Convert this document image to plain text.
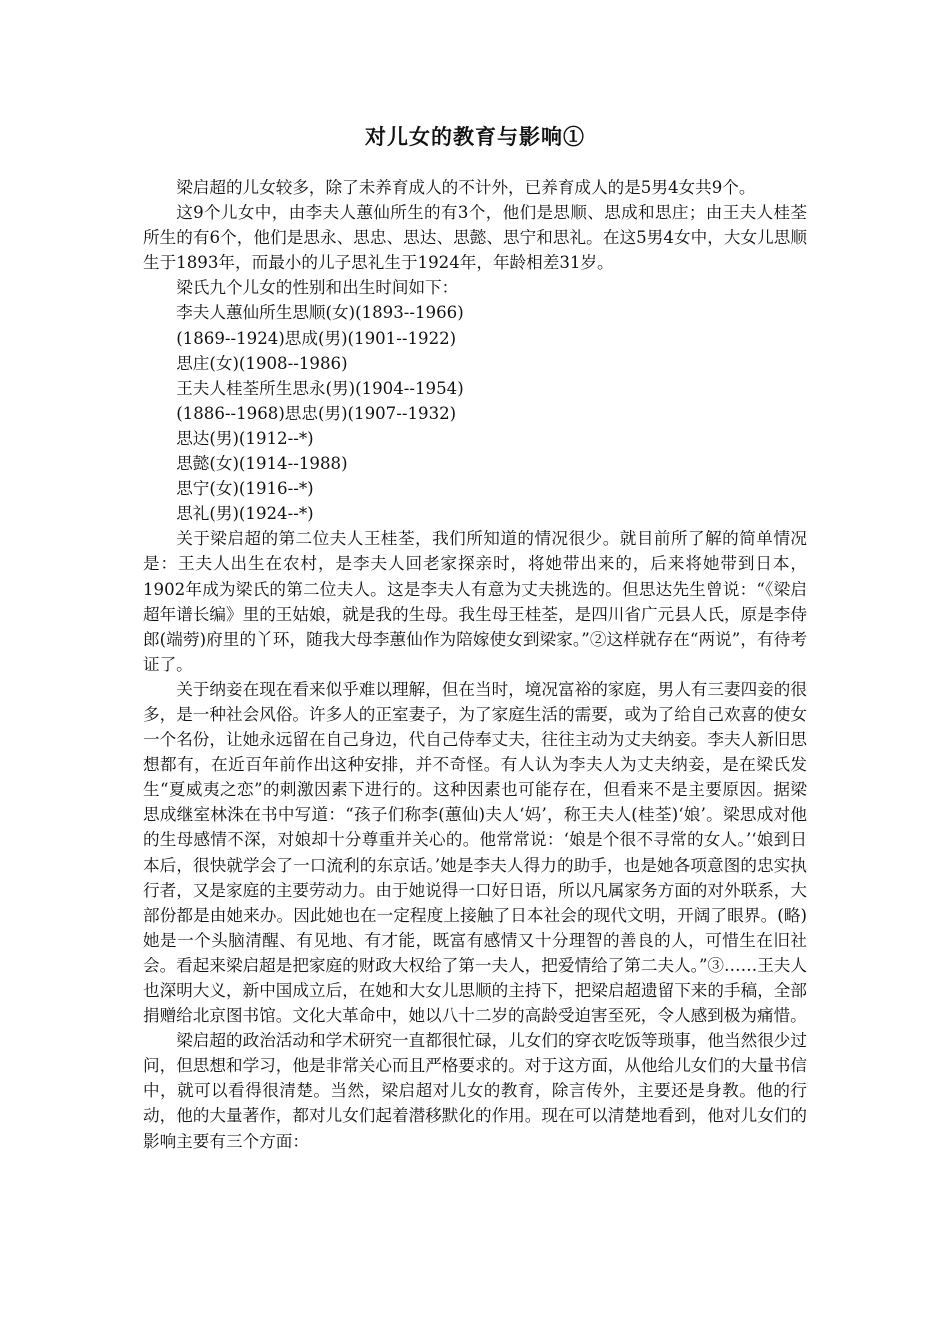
对儿女的教育与影响①

梁启超的儿女较多，除了未养育成人的不计外，已养育成人的是5男4女共9个。

这9个儿女中，由李夫人蕙仙所生的有3个，他们是思顺、思成和思庄；由王夫人桂荃所生的有6个，他们是思永、思忠、思达、思懿、思宁和思礼。在这5男4女中，大女儿思顺生于1893年，而最小的儿子思礼生于1924年，年龄相差31岁。

梁氏九个儿女的性别和出生时间如下：

李夫人蕙仙所生思顺(女)(1893--1966)

(1869--1924)思成(男)(1901--1922)

思庄(女)(1908--1986)

王夫人桂荃所生思永(男)(1904--1954)

(1886--1968)思忠(男)(1907--1932)

思达(男)(1912--*)

思懿(女)(1914--1988)

思宁(女)(1916--*)

思礼(男)(1924--*)

关于梁启超的第二位夫人王桂荃，我们所知道的情况很少。就目前所了解的简单情况是：王夫人出生在农村，是李夫人回老家探亲时，将她带出来的，后来将她带到日本，1902年成为梁氏的第二位夫人。这是李夫人有意为丈夫挑选的。但思达先生曾说：“《梁启超年谱长编》里的王姑娘，就是我的生母。我生母王桂荃，是四川省广元县人氏，原是李侍郎(端䓖)府里的丫环，随我大母李蕙仙作为陪嫁使女到梁家。”②这样就存在“两说”，有待考证了。

关于纳妾在现在看来似乎难以理解，但在当时，境况富裕的家庭，男人有三妻四妾的很多，是一种社会风俗。许多人的正室妻子，为了家庭生活的需要，或为了给自己欢喜的使女一个名份，让她永远留在自己身边，代自己侍奉丈夫，往往主动为丈夫纳妾。李夫人新旧思想都有，在近百年前作出这种安排，并不奇怪。有人认为李夫人为丈夫纳妾，是在梁氏发生“夏威夷之恋”的刺激因素下进行的。这种因素也可能存在，但看来不是主要原因。据梁思成继室林洙在书中写道：“孩子们称李(蕙仙)夫人‘妈’，称王夫人(桂荃)‘娘’。梁思成对他的生母感情不深，对娘却十分尊重并关心的。他常常说：‘娘是个很不寻常的女人。’‘娘到日本后，很快就学会了一口流利的东京话。’她是李夫人得力的助手，也是她各项意图的忠实执行者，又是家庭的主要劳动力。由于她说得一口好日语，所以凡属家务方面的对外联系，大部份都是由她来办。因此她也在一定程度上接触了日本社会的现代文明，开阔了眼界。(略)她是一个头脑清醒、有见地、有才能，既富有感情又十分理智的善良的人，可惜生在旧社会。看起来梁启超是把家庭的财政大权给了第一夫人，把爱情给了第二夫人。”③……王夫人也深明大义，新中国成立后，在她和大女儿思顺的主持下，把梁启超遗留下来的手稿，全部捐赠给北京图书馆。文化大革命中，她以八十二岁的高龄受迫害至死，令人感到极为痛惜。

梁启超的政治活动和学术研究一直都很忙碌，儿女们的穿衣吃饭等琐事，他当然很少过问，但思想和学习，他是非常关心而且严格要求的。对于这方面，从他给儿女们的大量书信中，就可以看得很清楚。当然，梁启超对儿女的教育，除言传外，主要还是身教。他的行动，他的大量著作，都对儿女们起着潜移默化的作用。现在可以清楚地看到，他对儿女们的影响主要有三个方面：
